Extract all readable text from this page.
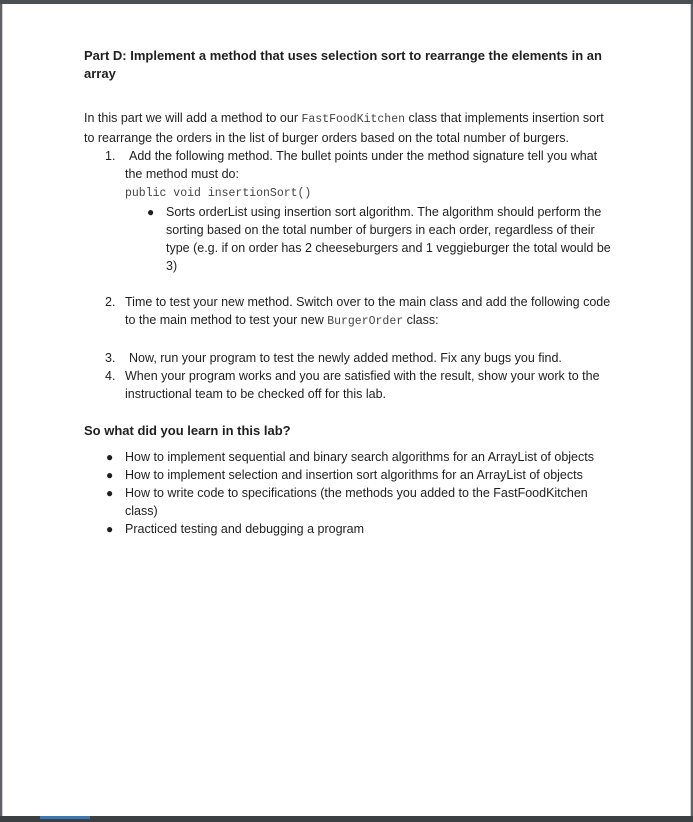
Part D: Implement a method that uses selection sort to rearrange the elements in an array

In this part we will add a method to our FastFoodKitchen class that implements insertion sort to rearrange the orders in the list of burger orders based on the total number of burgers.

1. Add the following method. The bullet points under the method signature tell you what the method must do:
public void insertionSort()
● Sorts orderList using insertion sort algorithm. The algorithm should perform the sorting based on the total number of burgers in each order, regardless of their type (e.g. if on order has 2 cheeseburgers and 1 veggieburger the total would be 3)
2. Time to test your new method. Switch over to the main class and add the following code to the main method to test your new BurgerOrder class:
3. Now, run your program to test the newly added method. Fix any bugs you find.
4. When your program works and you are satisfied with the result, show your work to the instructional team to be checked off for this lab.

So what did you learn in this lab?

● How to implement sequential and binary search algorithms for an ArrayList of objects
● How to implement selection and insertion sort algorithms for an ArrayList of objects
● How to write code to specifications (the methods you added to the FastFoodKitchen class)
● Practiced testing and debugging a program
